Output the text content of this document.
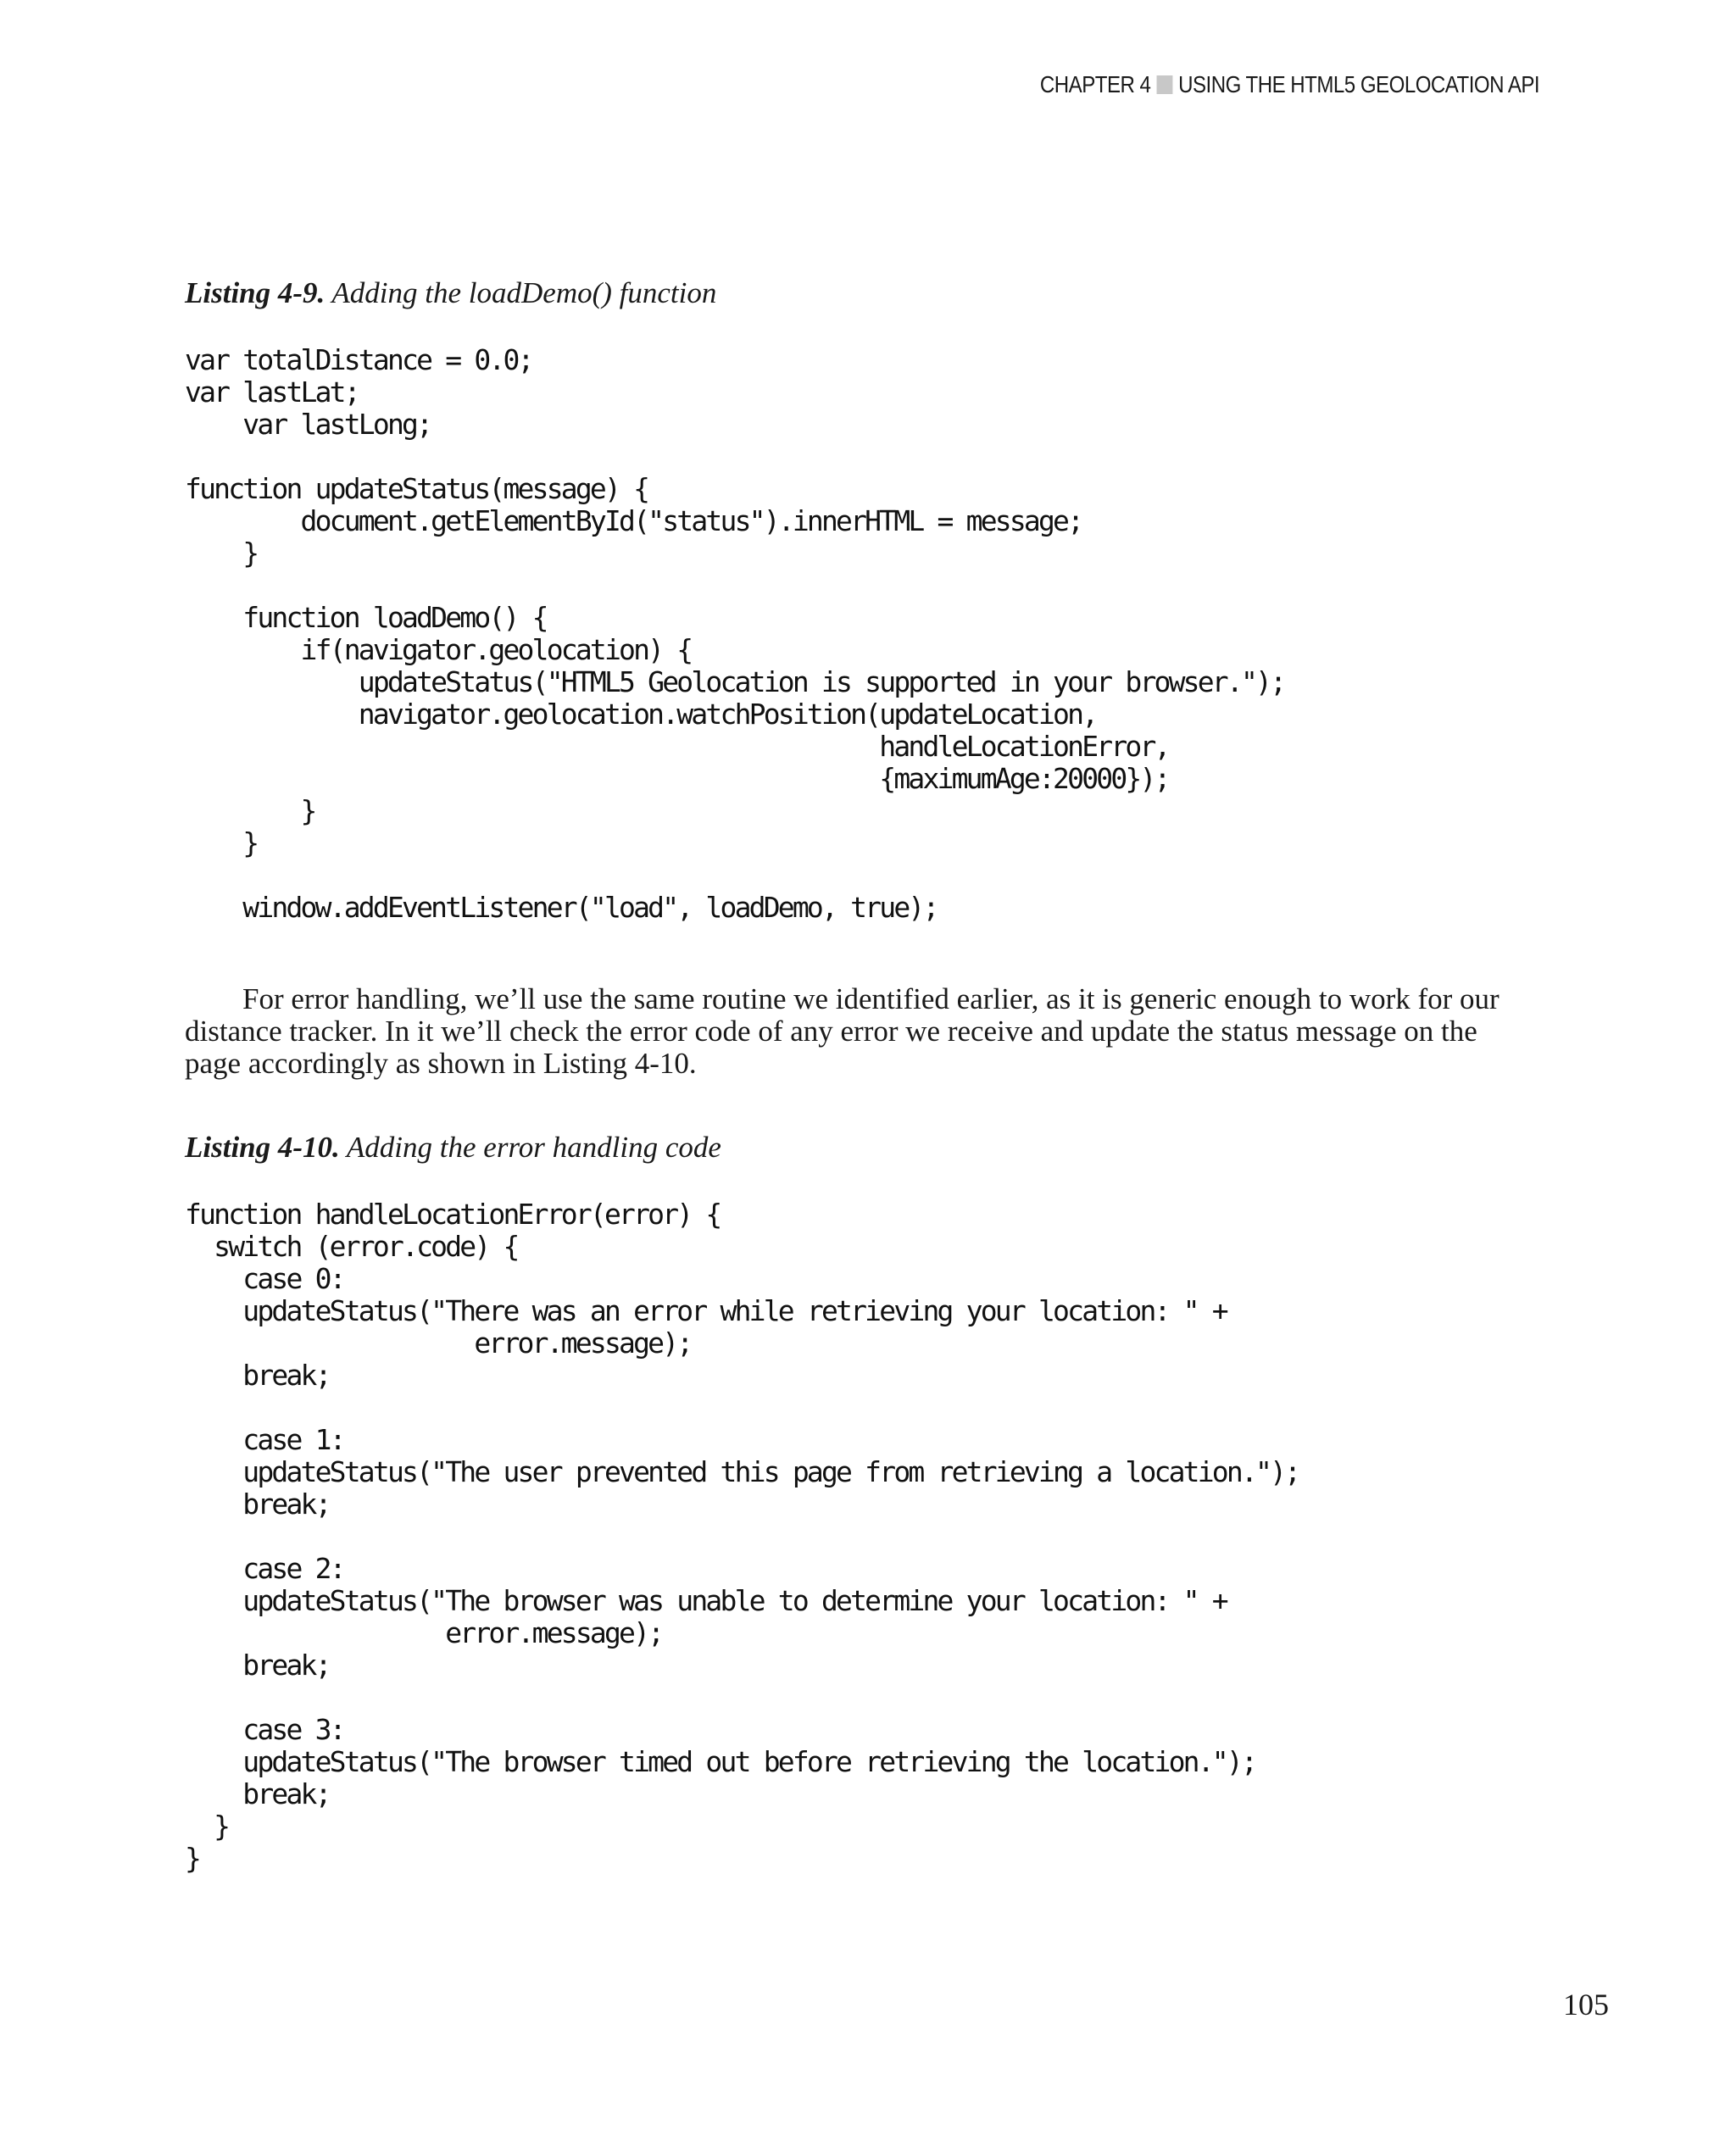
CHAPTER 4 USING THE HTML5 GEOLOCATION API
Listing 4-9. Adding the loadDemo() function
var totalDistance = 0.0;
var lastLat;
var lastLong;
function updateStatus(message) {
document.getElementById("status").innerHTML = message;
}
function loadDemo() {
if(navigator.geolocation) {
updateStatus("HTML5 Geolocation is supported in your browser.");
navigator.geolocation.watchPosition(updateLocation,
handleLocationError,
{maximumAge:20000});
}
}
window.addEventListener("load", loadDemo, true);

For error handling, we’ll use the same routine we identified earlier, as it is generic enough to work for our distance tracker. In it we’ll check the error code of any error we receive and update the status message on the page accordingly as shown in Listing 4-10.

Listing 4-10. Adding the error handling code
function handleLocationError(error) {
switch (error.code) {
case 0:
updateStatus("There was an error while retrieving your location: " +
error.message);
break;
case 1:
updateStatus("The user prevented this page from retrieving a location.");
break;
case 2:
updateStatus("The browser was unable to determine your location: " +
error.message);
break;
case 3:
updateStatus("The browser timed out before retrieving the location.");
break;
}
}
105
